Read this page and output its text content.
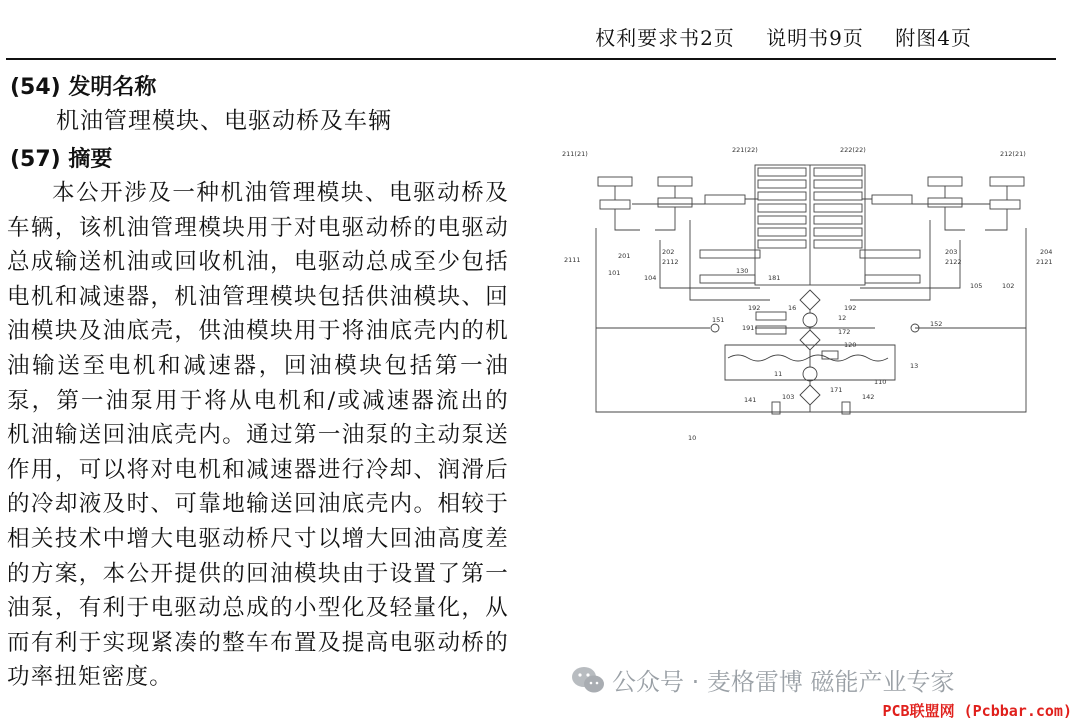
权利要求书2页 说明书9页 附图4页
(54) 发明名称
机油管理模块、电驱动桥及车辆
(57) 摘要

本公开涉及一种机油管理模块、电驱动桥及车辆，该机油管理模块用于对电驱动桥的电驱动总成输送机油或回收机油，电驱动总成至少包括电机和减速器，机油管理模块包括供油模块、回油模块及油底壳，供油模块用于将油底壳内的机油输送至电机和减速器，回油模块包括第一油泵，第一油泵用于将从电机和/或减速器流出的机油输送回油底壳内。通过第一油泵的主动泵送作用，可以将对电机和减速器进行冷却、润滑后的冷却液及时、可靠地输送回油底壳内。相较于相关技术中增大电驱动桥尺寸以增大回油高度差的方案，本公开提供的回油模块由于设置了第一油泵，有利于电驱动总成的小型化及轻量化，从而有利于实现紧凑的整车布置及提高电驱动桥的功率扭矩密度。

211(21)	221(22)	222(22)	212(21)
2111	201	202
2112
203
2122
204
2121
101
104
130
181
105	102
192	16	192
151	12
191	172
152
120
13
11
110
171
141	103	142
10
公众号 · 麦格雷博 磁能产业专家
PCB联盟网 (Pcbbar.com)
